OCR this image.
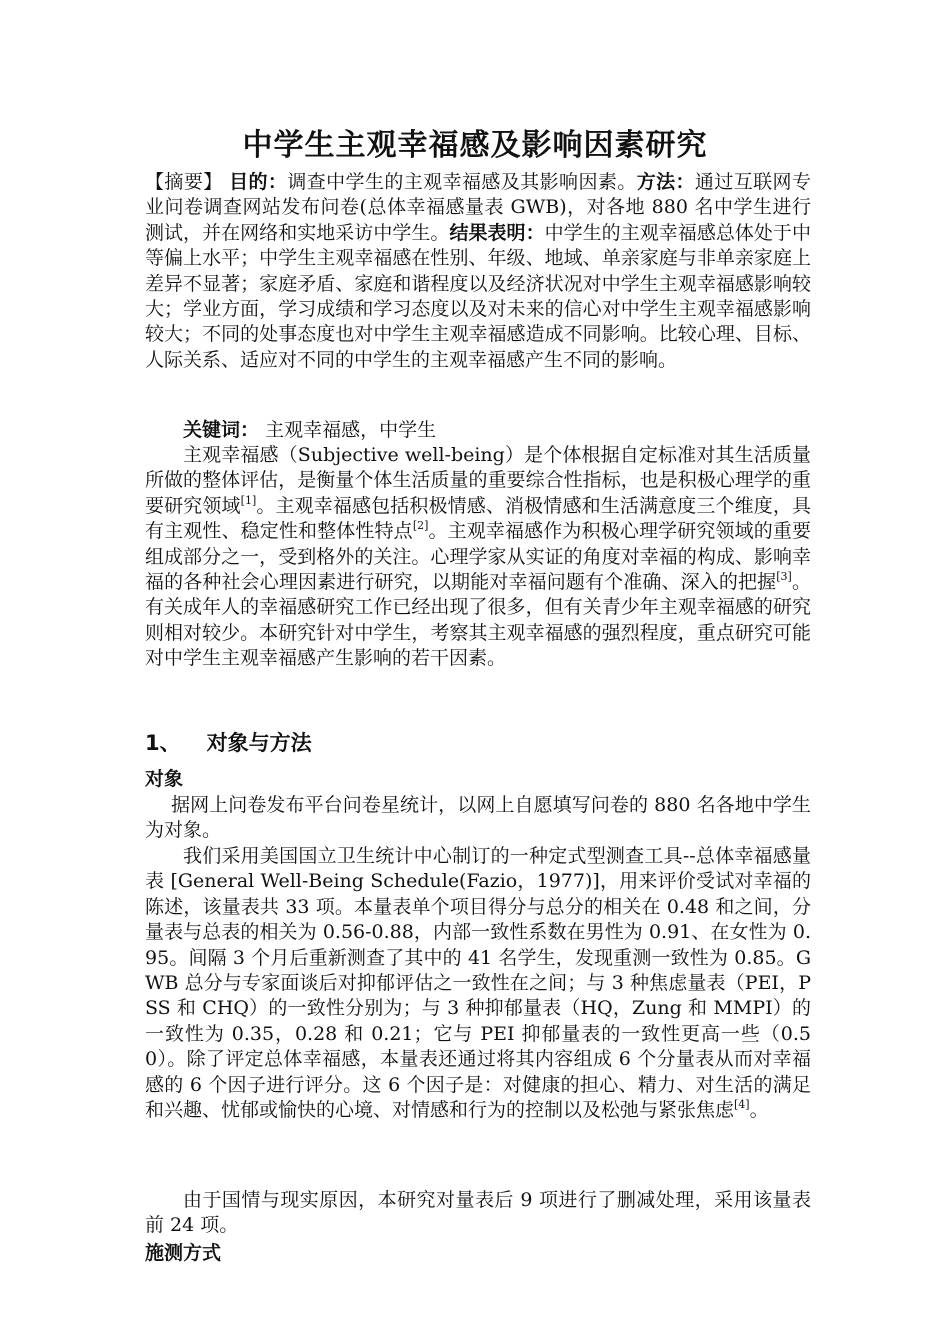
中学生主观幸福感及影响因素研究

【摘要】 目的：调查中学生的主观幸福感及其影响因素。方法：通过互联网专业问卷调查网站发布问卷(总体幸福感量表 GWB)，对各地 880 名中学生进行测试，并在网络和实地采访中学生。结果表明：中学生的主观幸福感总体处于中等偏上水平；中学生主观幸福感在性别、年级、地域、单亲家庭与非单亲家庭上差异不显著；家庭矛盾、家庭和谐程度以及经济状况对中学生主观幸福感影响较大；学业方面，学习成绩和学习态度以及对未来的信心对中学生主观幸福感影响较大；不同的处事态度也对中学生主观幸福感造成不同影响。比较心理、目标、人际关系、适应对不同的中学生的主观幸福感产生不同的影响。

关键词： 主观幸福感，中学生

主观幸福感（Subjective well-being）是个体根据自定标准对其生活质量所做的整体评估，是衡量个体生活质量的重要综合性指标，也是积极心理学的重要研究领域[1]。主观幸福感包括积极情感、消极情感和生活满意度三个维度，具有主观性、稳定性和整体性特点[2]。主观幸福感作为积极心理学研究领域的重要组成部分之一，受到格外的关注。心理学家从实证的角度对幸福的构成、影响幸福的各种社会心理因素进行研究，以期能对幸福问题有个准确、深入的把握[3]。有关成年人的幸福感研究工作已经出现了很多，但有关青少年主观幸福感的研究则相对较少。本研究针对中学生，考察其主观幸福感的强烈程度，重点研究可能对中学生主观幸福感产生影响的若干因素。

1、 对象与方法
对象

据网上问卷发布平台问卷星统计，以网上自愿填写问卷的 880 名各地中学生为对象。

我们采用美国国立卫生统计中心制订的一种定式型测查工具--总体幸福感量表 [General Well-Being Schedule(Fazio，1977)]，用来评价受试对幸福的陈述，该量表共 33 项。本量表单个项目得分与总分的相关在 0.48 和之间，分量表与总表的相关为 0.56-0.88，内部一致性系数在男性为 0.91、在女性为 0.95。间隔 3 个月后重新测查了其中的 41 名学生，发现重测一致性为 0.85。GWB 总分与专家面谈后对抑郁评估之一致性在之间；与 3 种焦虑量表（PEI，PSS 和 CHQ）的一致性分别为；与 3 种抑郁量表（HQ，Zung 和 MMPI）的一致性为 0.35，0.28 和 0.21；它与 PEI 抑郁量表的一致性更高一些（0.50）。除了评定总体幸福感，本量表还通过将其内容组成 6 个分量表从而对幸福感的 6 个因子进行评分。这 6 个因子是：对健康的担心、精力、对生活的满足和兴趣、忧郁或愉快的心境、对情感和行为的控制以及松弛与紧张焦虑[4]。

由于国情与现实原因，本研究对量表后 9 项进行了删减处理，采用该量表前 24 项。

施测方式
